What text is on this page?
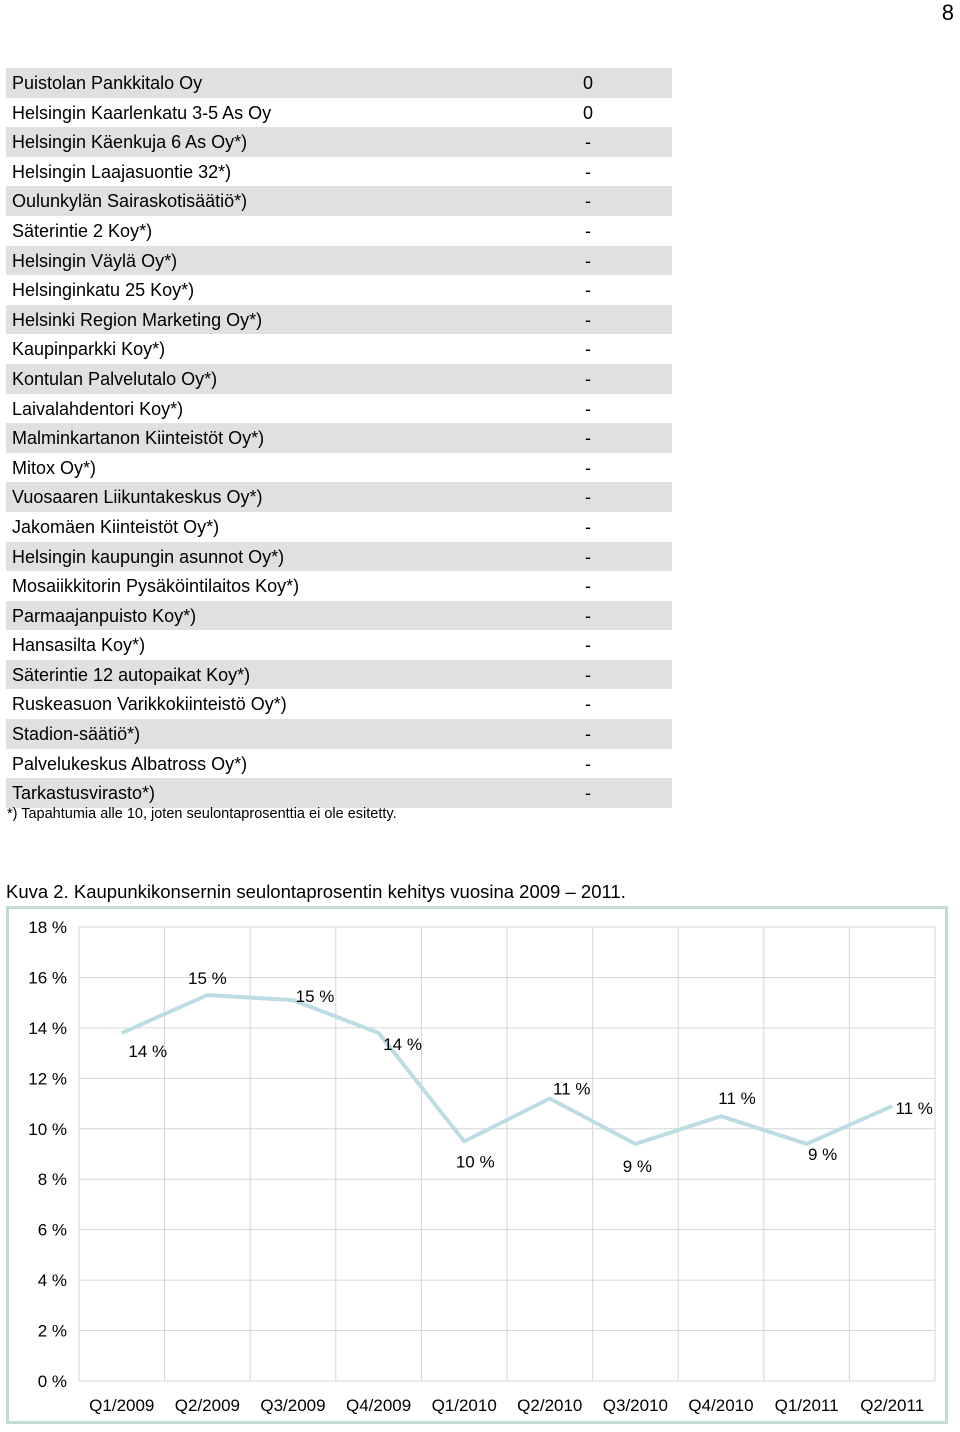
8
Puistolan Pankkitalo Oy	0
Helsingin Kaarlenkatu 3-5 As Oy	0
Helsingin Käenkuja 6 As Oy*)	-
Helsingin Laajasuontie 32*)	-
Oulunkylän Sairaskotisäätiö*)	-
Säterintie 2 Koy*)	-
Helsingin Väylä Oy*)	-
Helsinginkatu 25 Koy*)	-
Helsinki Region Marketing Oy*)	-
Kaupinparkki Koy*)	-
Kontulan Palvelutalo Oy*)	-
Laivalahdentori Koy*)	-
Malminkartanon Kiinteistöt Oy*)	-
Mitox Oy*)	-
Vuosaaren Liikuntakeskus Oy*)	-
Jakomäen Kiinteistöt Oy*)	-
Helsingin kaupungin asunnot Oy*)	-
Mosaiikkitorin Pysäköintilaitos Koy*)	-
Parmaajanpuisto Koy*)	-
Hansasilta Koy*)	-
Säterintie 12 autopaikat Koy*)	-
Ruskeasuon Varikkokiinteistö Oy*)	-
Stadion-säätiö*)	-
Palvelukeskus Albatross Oy*)	-
Tarkastusvirasto*)	-
*) Tapahtumia alle 10, joten seulontaprosenttia ei ole esitetty.
Kuva 2. Kaupunkikonsernin seulontaprosentin kehitys vuosina 2009 – 2011.
0 %
2 %
4 %
6 %
8 %
10 %
12 %
14 %
16 %
18 %
14 %
15 %
15 %
14 %
10 %
11 %
9 %
11 %
9 %
11 %
Q1/2009 Q2/2009 Q3/2009 Q4/2009 Q1/2010 Q2/2010 Q3/2010 Q4/2010 Q1/2011 Q2/2011
